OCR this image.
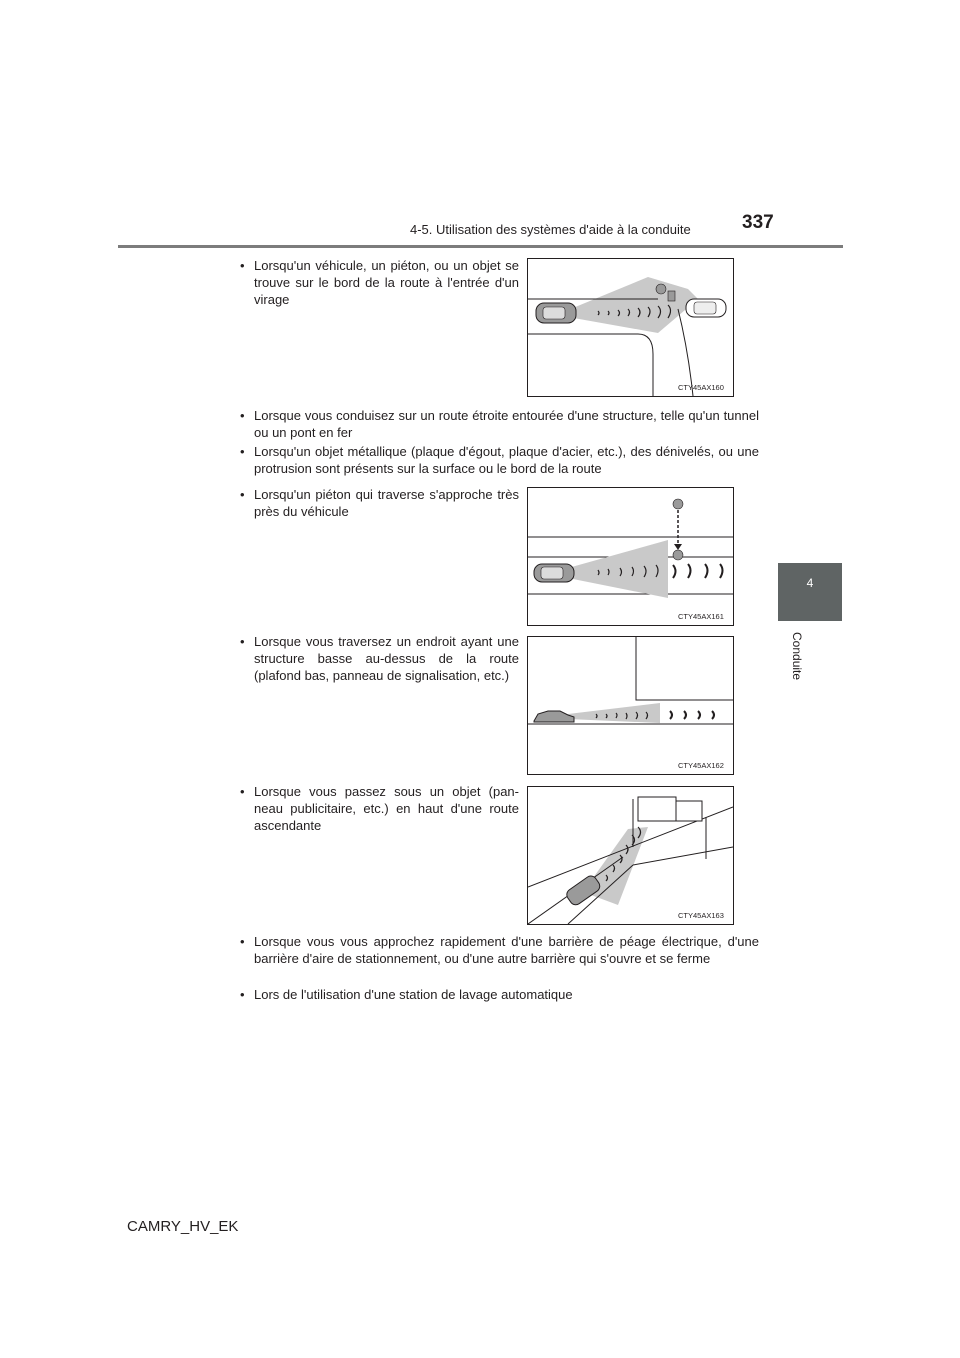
4-5. Utilisation des systèmes d'aide à la conduite	337
4
Conduite
• Lorsqu'un véhicule, un piéton, ou un objet se trouve sur le bord de la route à l'entrée d'un virage
CTY45AX160
• Lorsque vous conduisez sur un route étroite entourée d'une structure, telle qu'un tunnel ou un pont en fer
• Lorsqu'un objet métallique (plaque d'égout, plaque d'acier, etc.), des dénivelés, ou une protrusion sont présents sur la surface ou le bord de la route
• Lorsqu'un piéton qui traverse s'approche très près du véhicule
CTY45AX161
• Lorsque vous traversez un endroit ayant une structure basse au-dessus de la route (plafond bas, panneau de signalisation, etc.)
CTY45AX162
• Lorsque vous passez sous un objet (pan-neau publicitaire, etc.) en haut d'une route ascendante
CTY45AX163
• Lorsque vous vous approchez rapidement d'une barrière de péage électrique, d'une barrière d'aire de stationnement, ou d'une autre barrière qui s'ouvre et se ferme
• Lors de l'utilisation d'une station de lavage automatique
CAMRY_HV_EK
